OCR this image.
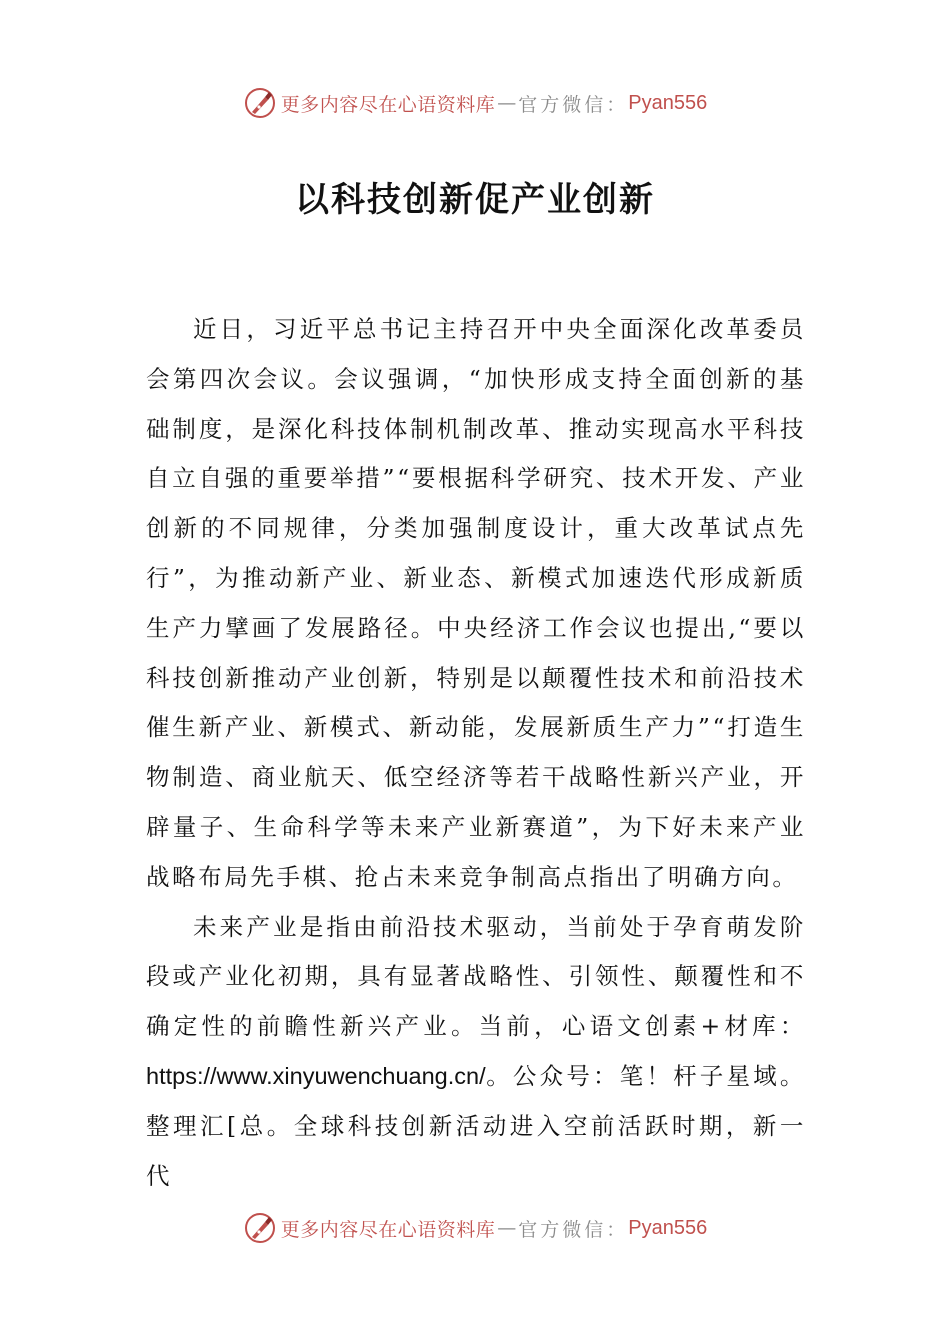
更多内容尽在心语资料库 — 官方微信： Pyan556
以科技创新促产业创新

近日，习近平总书记主持召开中央全面深化改革委员会第四次会议。会议强调，“加快形成支持全面创新的基础制度，是深化科技体制机制改革、推动实现高水平科技自立自强的重要举措”“要根据科学研究、技术开发、产业创新的不同规律，分类加强制度设计，重大改革试点先行”，为推动新产业、新业态、新模式加速迭代形成新质生产力擘画了发展路径。中央经济工作会议也提出,“要以科技创新推动产业创新，特别是以颠覆性技术和前沿技术催生新产业、新模式、新动能，发展新质生产力”“打造生物制造、商业航天、低空经济等若干战略性新兴产业，开辟量子、生命科学等未来产业新赛道”，为下好未来产业战略布局先手棋、抢占未来竞争制高点指出了明确方向。

未来产业是指由前沿技术驱动，当前处于孕育萌发阶段或产业化初期，具有显著战略性、引领性、颠覆性和不确定性的前瞻性新兴产业。当前，心语文创素+材库：https://www.xinyuwenchuang.cn/。公众号：笔！杆子星域。整理汇[总。全球科技创新活动进入空前活跃时期，新一代

更多内容尽在心语资料库 — 官方微信： Pyan556
